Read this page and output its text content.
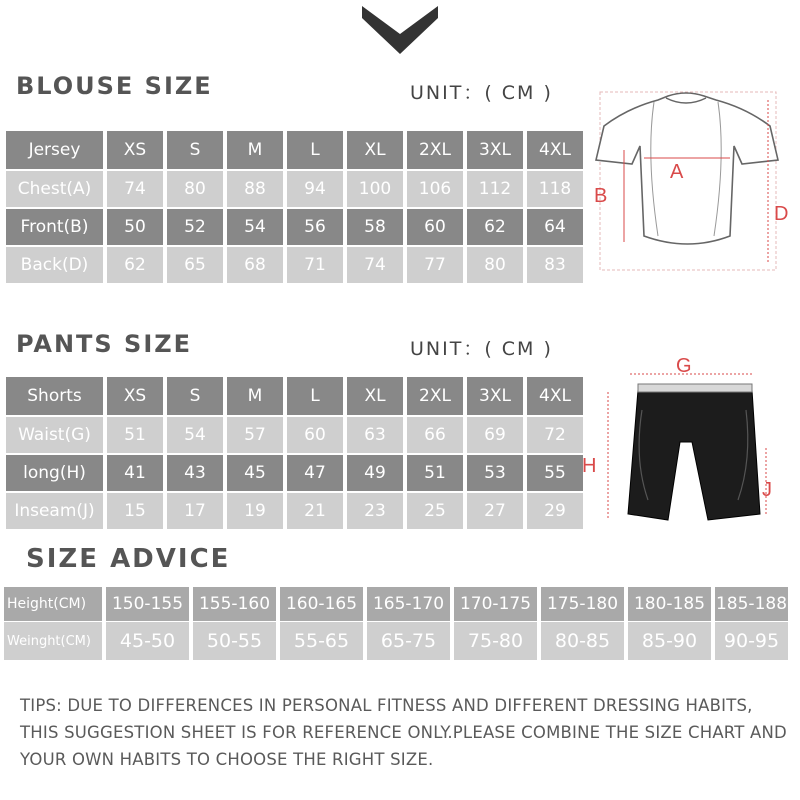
BLOUSE SIZE	UNIT：( CM )
Jersey	XS	S	M	L	XL	2XL	3XL	4XL
Chest(A)	74	80	88	94	100	106	112	118
Front(B)	50	52	54	56	58	60	62	64
Back(D)	62	65	68	71	74	77	80	83
A
B
D
PANTS SIZE	UNIT：( CM )
Shorts	XS	S	M	L	XL	2XL	3XL	4XL
Waist(G)	51	54	57	60	63	66	69	72
long(H)	41	43	45	47	49	51	53	55
Inseam(J)	15	17	19	21	23	25	27	29
G
H
J
SIZE ADVICE
Height(CM)	150-155 155-160 160-165 165-170 170-175 175-180 180-185 185-188
Weinght(CM)	45-50	50-55	55-65	65-75	75-80	80-85	85-90	90-95
TIPS: DUE TO DIFFERENCES IN PERSONAL FITNESS AND DIFFERENT DRESSING HABITS, THIS SUGGESTION SHEET IS FOR REFERENCE ONLY.PLEASE COMBINE THE SIZE CHART AND YOUR OWN HABITS TO CHOOSE THE RIGHT SIZE.
